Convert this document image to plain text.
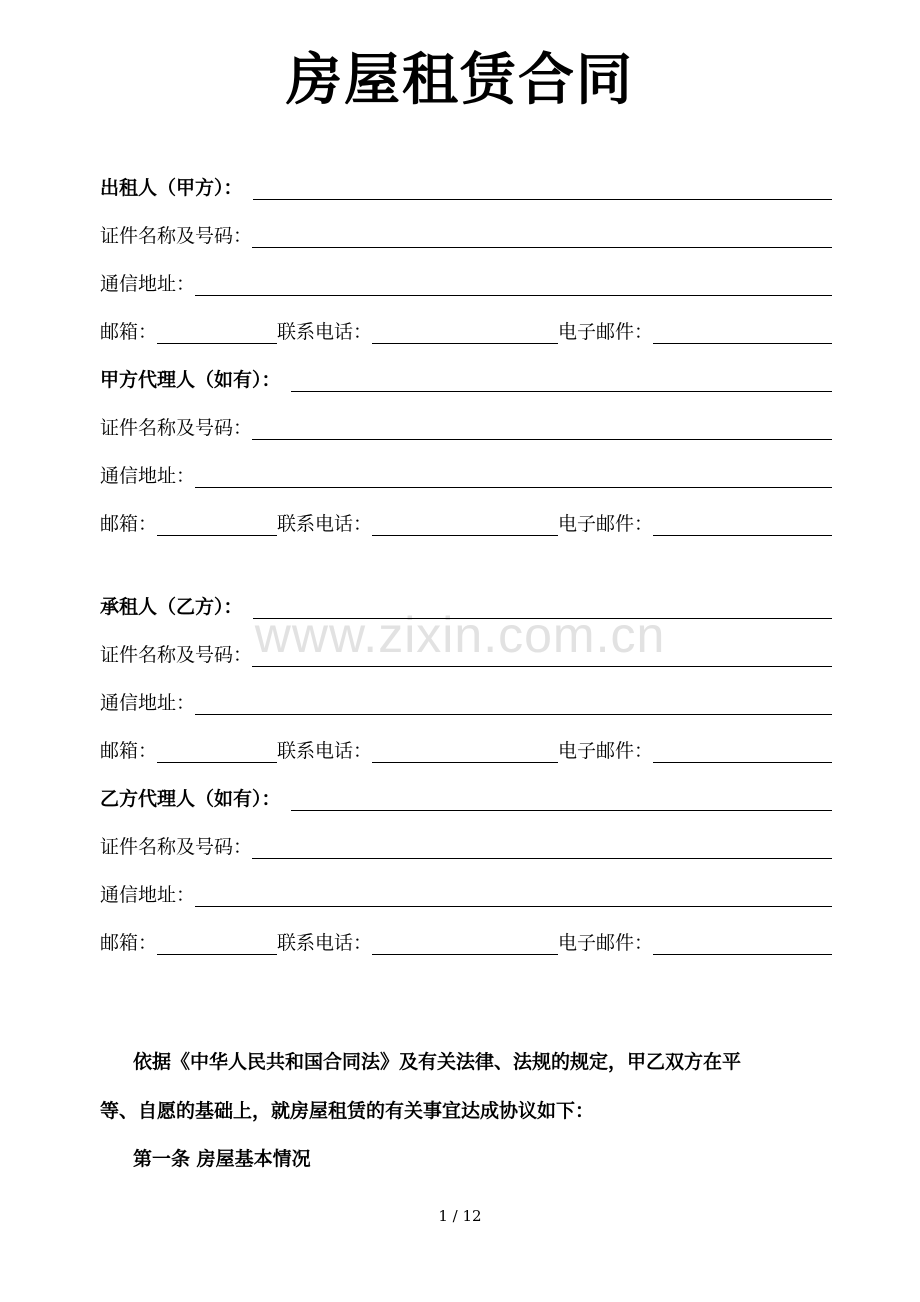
房屋租赁合同
www.zixin.com.cn
出租人（甲方）：
证件名称及号码：
通信地址：
邮箱：	联系电话：	电子邮件：
甲方代理人（如有）：
证件名称及号码：
通信地址：
邮箱：	联系电话：	电子邮件：
承租人（乙方）：
证件名称及号码：
通信地址：
邮箱：	联系电话：	电子邮件：
乙方代理人（如有）：
证件名称及号码：
通信地址：
邮箱：	联系电话：	电子邮件：
依据《中华人民共和国合同法》及有关法律、法规的规定，甲乙双方在平
等、自愿的基础上，就房屋租赁的有关事宜达成协议如下：
第一条 房屋基本情况
1 / 12
